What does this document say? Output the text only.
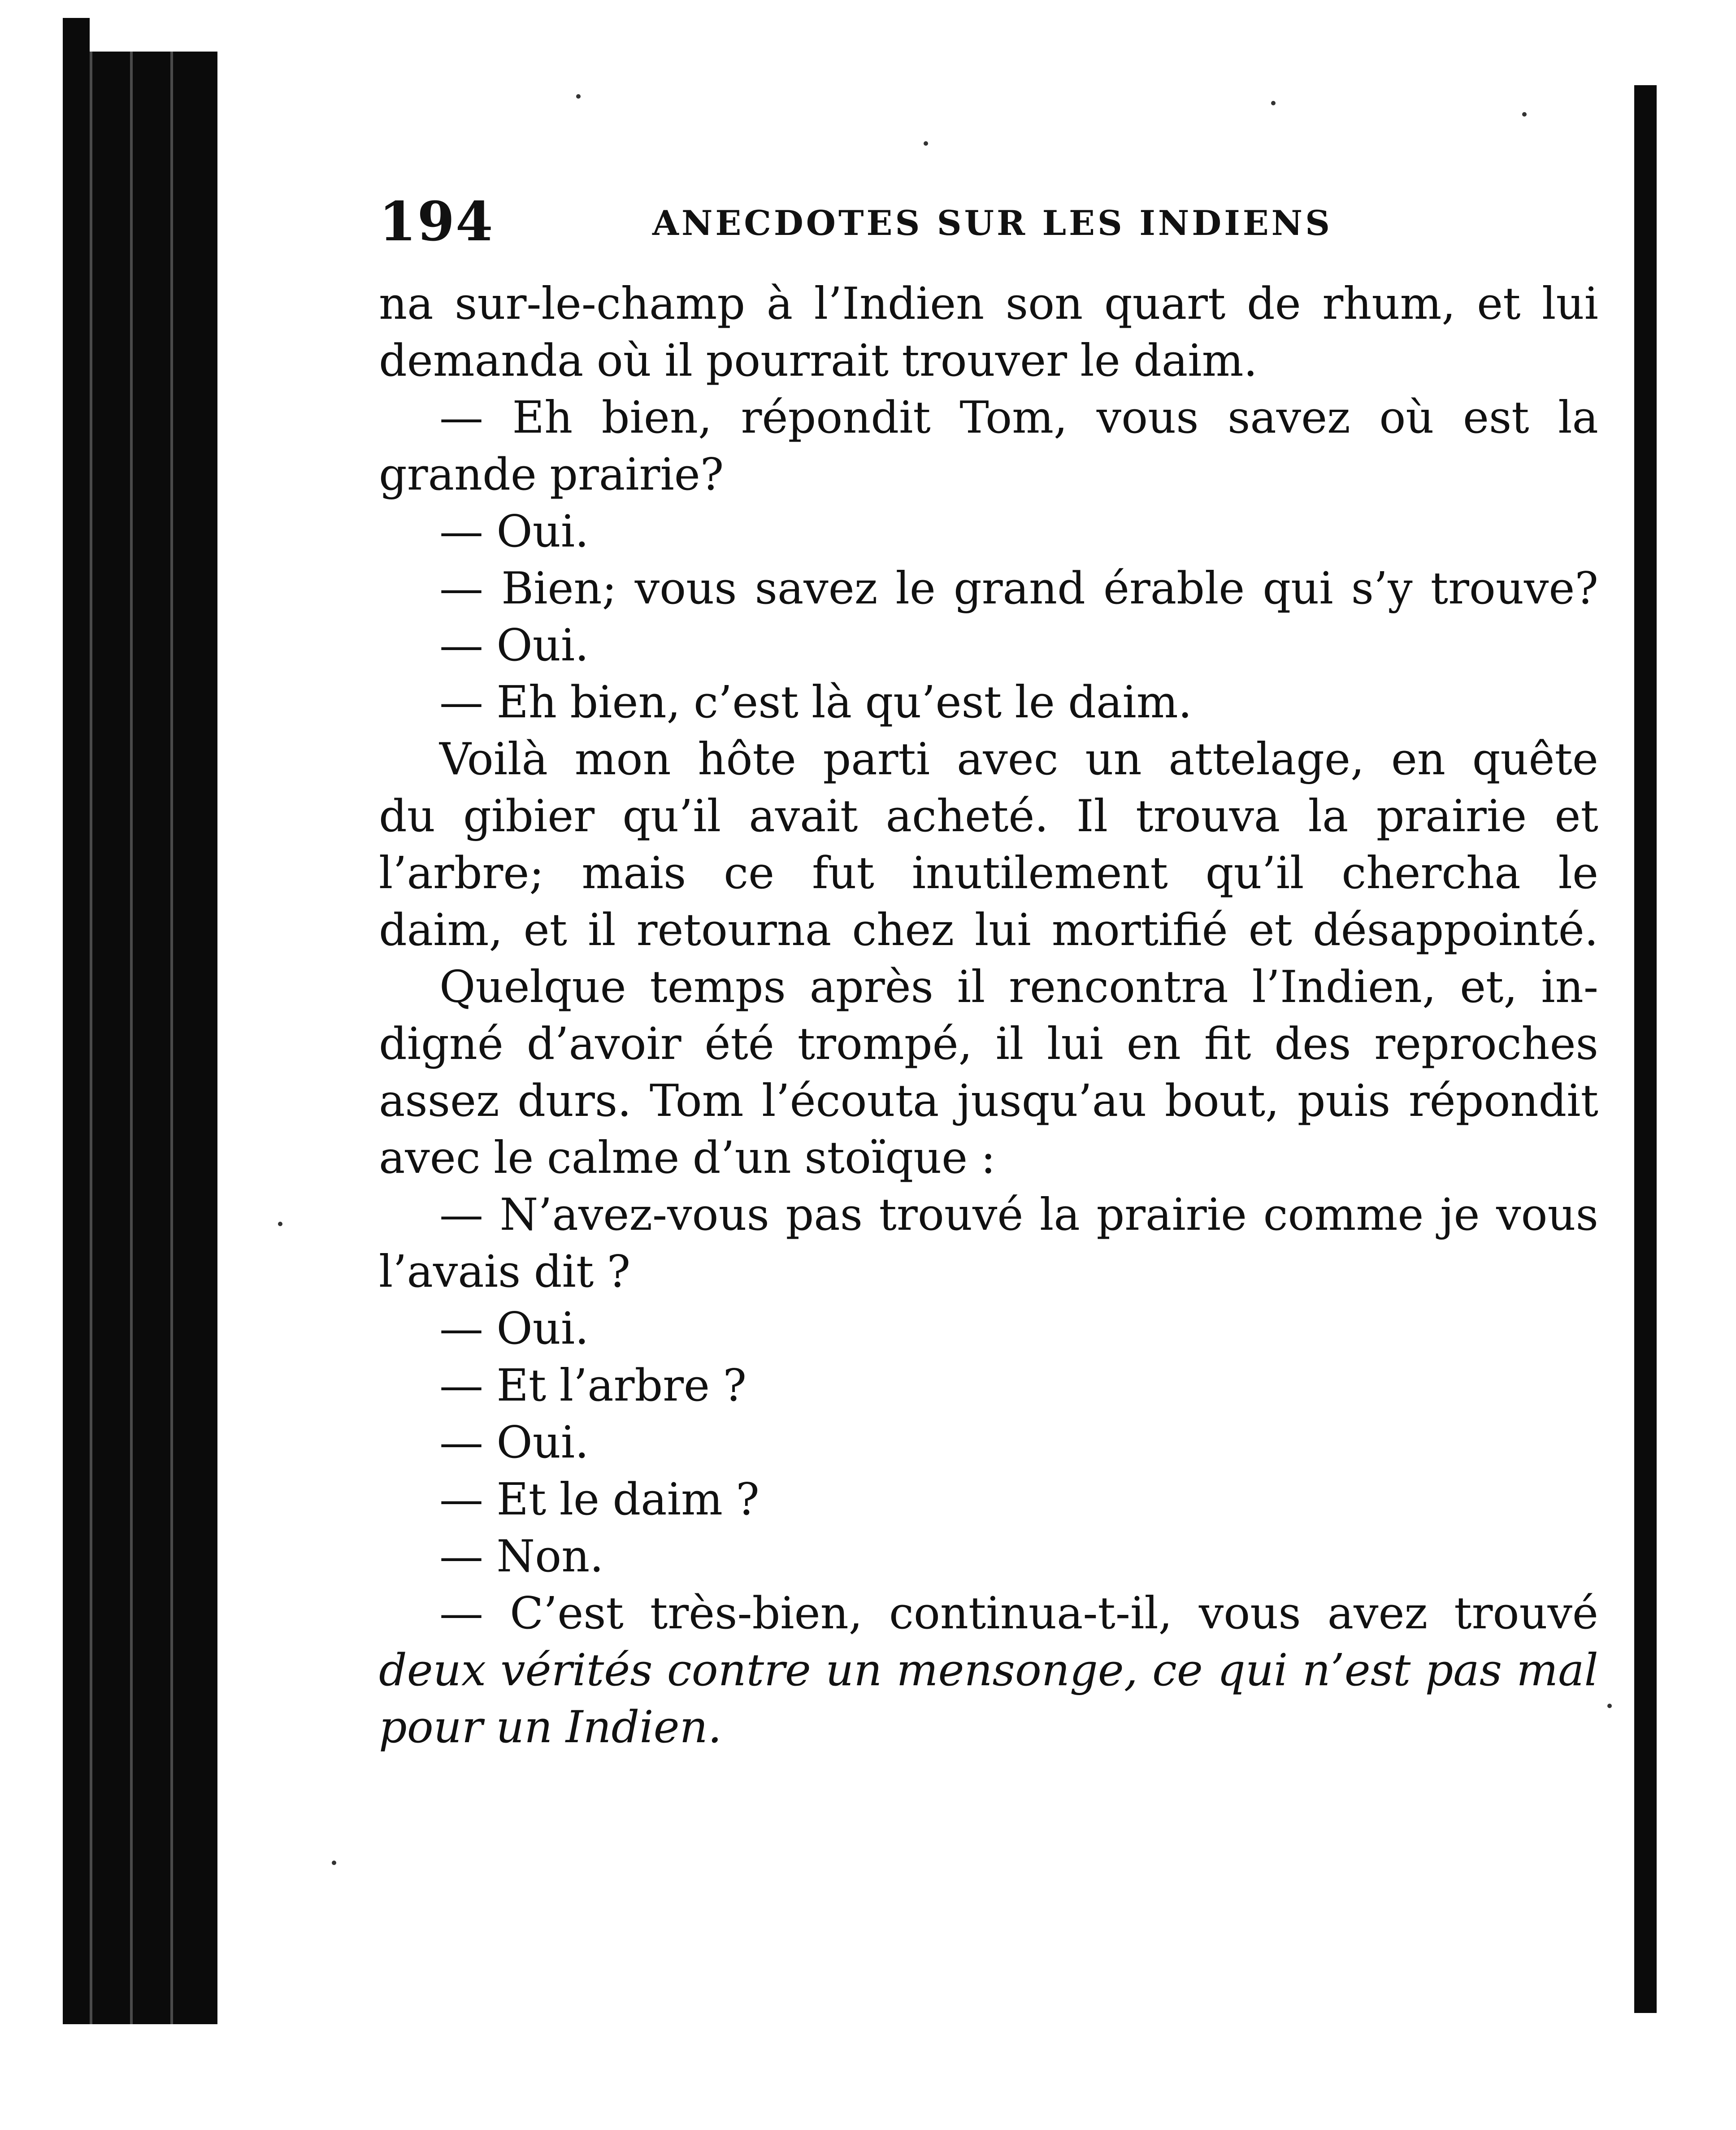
194	ANECDOTES SUR LES INDIENS
na sur-le-champ à l’Indien son quart de rhum, et lui
demanda où il pourrait trouver le daim.
— Eh bien, répondit Tom, vous savez où est la
grande prairie?
— Oui.
— Bien; vous savez le grand érable qui s’y trouve?
— Oui.
— Eh bien, c’est là qu’est le daim.
Voilà mon hôte parti avec un attelage, en quête
du gibier qu’il avait acheté. Il trouva la prairie et
l’arbre; mais ce fut inutilement qu’il chercha le
daim, et il retourna chez lui mortifié et désappointé.
Quelque temps après il rencontra l’Indien, et, in-
digné d’avoir été trompé, il lui en fit des reproches
assez durs. Tom l’écouta jusqu’au bout, puis répondit
avec le calme d’un stoïque :
— N’avez-vous pas trouvé la prairie comme je vous
l’avais dit ?
— Oui.
— Et l’arbre ?
— Oui.
— Et le daim ?
— Non.
— C’est très-bien, continua-t-il, vous avez trouvé
deux vérités contre un mensonge, ce qui n’est pas mal
pour un Indien.
